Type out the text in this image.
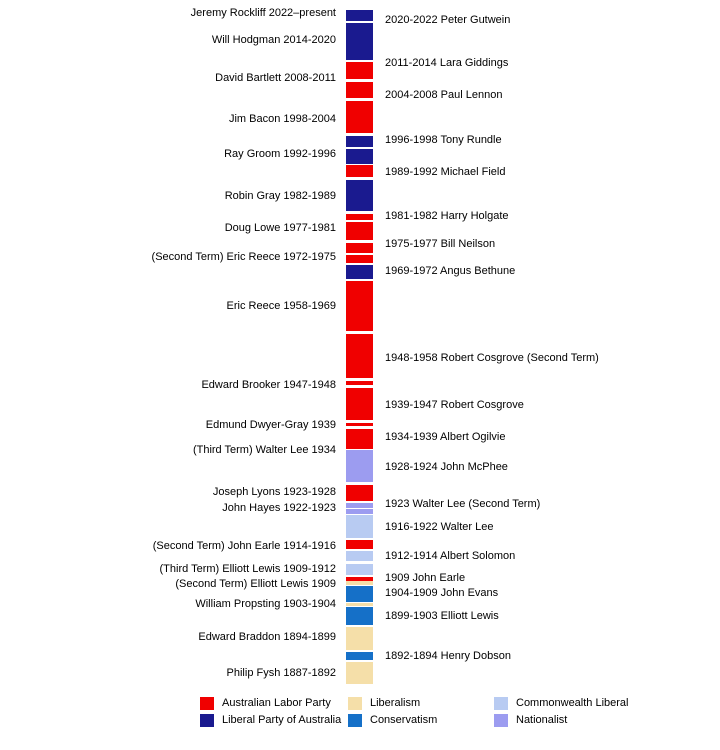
Jeremy Rockliff 2022–present
2020-2022 Peter Gutwein
Will Hodgman 2014-2020
2011-2014 Lara Giddings
David Bartlett 2008-2011
2004-2008 Paul Lennon
Jim Bacon 1998-2004
1996-1998 Tony Rundle
Ray Groom 1992-1996
1989-1992 Michael Field
Robin Gray 1982-1989
1981-1982 Harry Holgate
Doug Lowe 1977-1981
1975-1977 Bill Neilson
(Second Term) Eric Reece 1972-1975
1969-1972 Angus Bethune
Eric Reece 1958-1969
1948-1958 Robert Cosgrove (Second Term)
Edward Brooker 1947-1948
1939-1947 Robert Cosgrove
Edmund Dwyer-Gray 1939
1934-1939 Albert Ogilvie
(Third Term) Walter Lee 1934
1928-1924 John McPhee
Joseph Lyons 1923-1928
1923 Walter Lee (Second Term)
John Hayes 1922-1923
1916-1922 Walter Lee
(Second Term) John Earle 1914-1916
1912-1914 Albert Solomon
(Third Term) Elliott Lewis 1909-1912
1909 John Earle
(Second Term) Elliott Lewis 1909
1904-1909 John Evans
William Propsting 1903-1904
1899-1903 Elliott Lewis
Edward Braddon 1894-1899
1892-1894 Henry Dobson
Philip Fysh 1887-1892
Australian Labor Party
Liberal Party of Australia
Liberalism
Conservatism
Commonwealth Liberal
Nationalist
